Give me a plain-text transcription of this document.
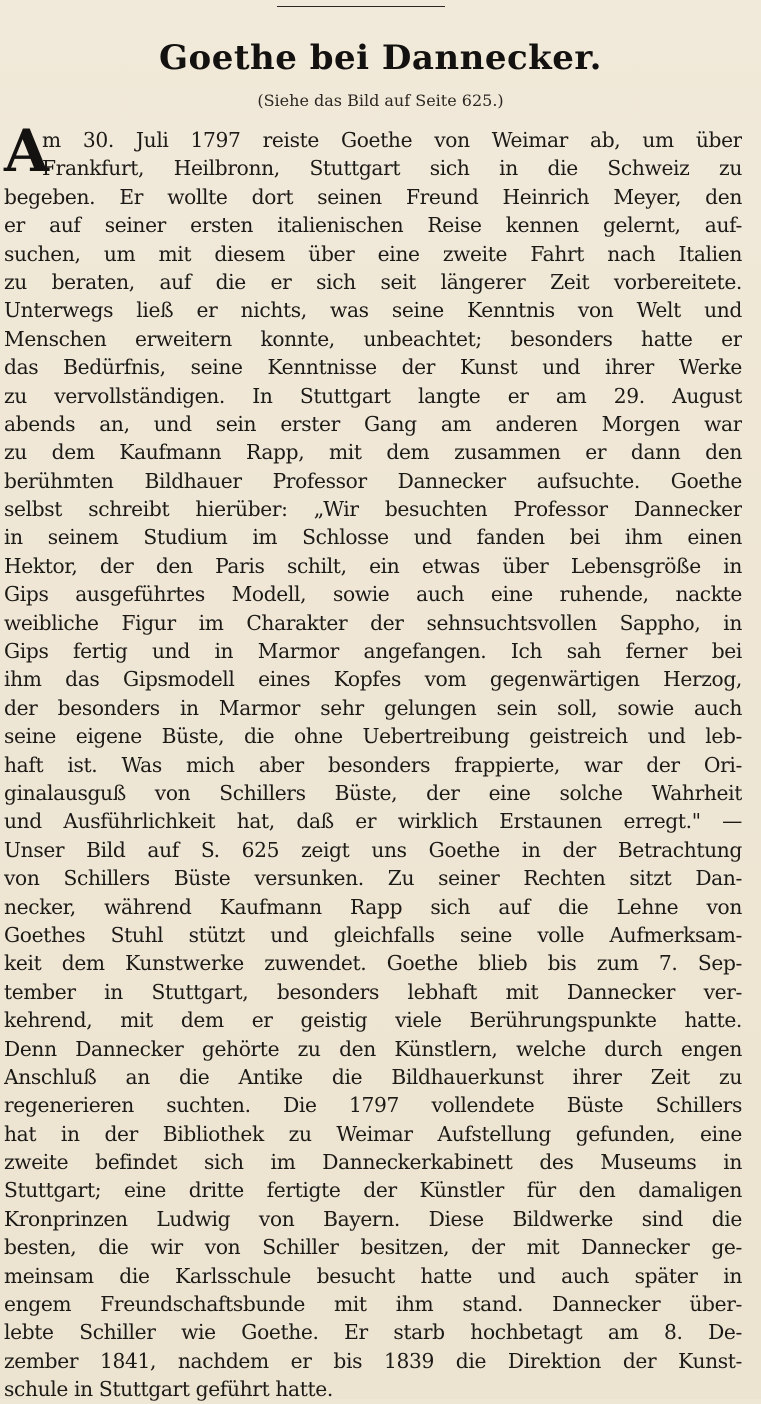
Goethe bei Dannecker.
(Siehe das Bild auf Seite 625.)
A
m 30. Juli 1797 reiste Goethe von Weimar ab, um über
Frankfurt, Heilbronn, Stuttgart sich in die Schweiz zu
begeben. Er wollte dort seinen Freund Heinrich Meyer, den
er auf seiner ersten italienischen Reise kennen gelernt, auf-
suchen, um mit diesem über eine zweite Fahrt nach Italien
zu beraten, auf die er sich seit längerer Zeit vorbereitete.
Unterwegs ließ er nichts, was seine Kenntnis von Welt und
Menschen erweitern konnte, unbeachtet; besonders hatte er
das Bedürfnis, seine Kenntnisse der Kunst und ihrer Werke
zu vervollständigen. In Stuttgart langte er am 29. August
abends an, und sein erster Gang am anderen Morgen war
zu dem Kaufmann Rapp, mit dem zusammen er dann den
berühmten Bildhauer Professor Dannecker aufsuchte. Goethe
selbst schreibt hierüber: „Wir besuchten Professor Dannecker
in seinem Studium im Schlosse und fanden bei ihm einen
Hektor, der den Paris schilt, ein etwas über Lebensgröße in
Gips ausgeführtes Modell, sowie auch eine ruhende, nackte
weibliche Figur im Charakter der sehnsuchtsvollen Sappho, in
Gips fertig und in Marmor angefangen. Ich sah ferner bei
ihm das Gipsmodell eines Kopfes vom gegenwärtigen Herzog,
der besonders in Marmor sehr gelungen sein soll, sowie auch
seine eigene Büste, die ohne Uebertreibung geistreich und leb-
haft ist. Was mich aber besonders frappierte, war der Ori-
ginalausguß von Schillers Büste, der eine solche Wahrheit
und Ausführlichkeit hat, daß er wirklich Erstaunen erregt." —
Unser Bild auf S. 625 zeigt uns Goethe in der Betrachtung
von Schillers Büste versunken. Zu seiner Rechten sitzt Dan-
necker, während Kaufmann Rapp sich auf die Lehne von
Goethes Stuhl stützt und gleichfalls seine volle Aufmerksam-
keit dem Kunstwerke zuwendet. Goethe blieb bis zum 7. Sep-
tember in Stuttgart, besonders lebhaft mit Dannecker ver-
kehrend, mit dem er geistig viele Berührungspunkte hatte.
Denn Dannecker gehörte zu den Künstlern, welche durch engen
Anschluß an die Antike die Bildhauerkunst ihrer Zeit zu
regenerieren suchten. Die 1797 vollendete Büste Schillers
hat in der Bibliothek zu Weimar Aufstellung gefunden, eine
zweite befindet sich im Danneckerkabinett des Museums in
Stuttgart; eine dritte fertigte der Künstler für den damaligen
Kronprinzen Ludwig von Bayern. Diese Bildwerke sind die
besten, die wir von Schiller besitzen, der mit Dannecker ge-
meinsam die Karlsschule besucht hatte und auch später in
engem Freundschaftsbunde mit ihm stand. Dannecker über-
lebte Schiller wie Goethe. Er starb hochbetagt am 8. De-
zember 1841, nachdem er bis 1839 die Direktion der Kunst-
schule in Stuttgart geführt hatte.
